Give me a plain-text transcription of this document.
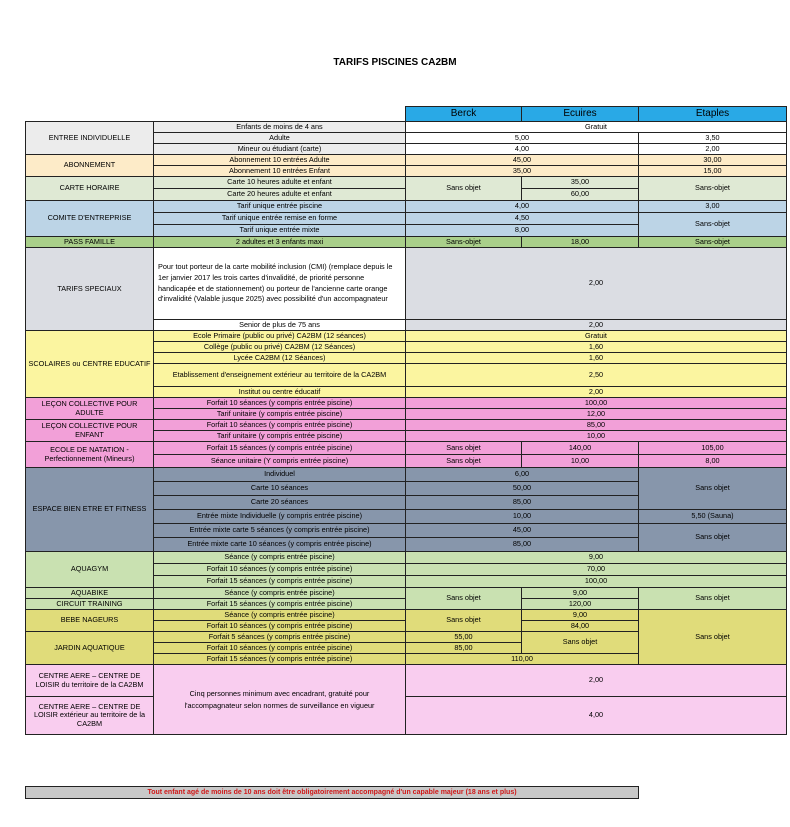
TARIFS PISCINES CA2BM
		Berck	Ecuires	Etaples
ENTREE INDIVIDUELLE	Enfants de moins de 4 ans	Gratuit		
	Adulte	5,00		3,50
	Mineur ou étudiant (carte)	4,00		2,00
ABONNEMENT	Abonnement 10 entrées Adulte	45,00		30,00
	Abonnement 10 entrées Enfant	35,00		15,00
CARTE HORAIRE	Carte 10 heures adulte et enfant	Sans objet	35,00	Sans-objet
	Carte 20 heures adulte et enfant		60,00	
COMITE D'ENTREPRISE	Tarif unique entrée piscine	4,00		3,00
	Tarif unique entrée remise en forme	4,50		Sans-objet
	Tarif unique entrée mixte	8,00		
PASS FAMILLE	2 adultes et 3 enfants maxi	Sans-objet	18,00	Sans-objet
TARIFS SPECIAUX	Pour tout porteur de la carte mobilité inclusion (CMI) (remplace depuis le 1er janvier 2017 les trois cartes d'invalidité, de priorité personne handicapée et de stationnement) ou porteur de l'ancienne carte orange d'invalidité (Valable jusque 2025) avec possibilité d'un accompagnateur	2,00		
	Senior de plus de 75 ans	2,00		
SCOLAIRES ou CENTRE EDUCATIF	Ecole Primaire (public ou privé) CA2BM (12 séances)	Gratuit		
	Collège (public ou privé) CA2BM (12 Séances)	1,60		
	Lycée CA2BM (12 Séances)	1,60		
	Etablissement d'enseignement extérieur au territoire de la CA2BM	2,50		
	Institut ou centre éducatif	2,00		
LEÇON COLLECTIVE POUR ADULTE	Forfait 10 séances (y compris entrée piscine)	100,00		
	Tarif unitaire (y compris entrée piscine)	12,00		
LEÇON COLLECTIVE POUR ENFANT	Forfait 10 séances (y compris entrée piscine)	85,00		
	Tarif unitaire (y compris entrée piscine)	10,00		
ECOLE DE NATATION - Perfectionnement (Mineurs)	Forfait 15 séances (y compris entrée piscine)	Sans objet	140,00	105,00
	Séance unitaire (Y compris entrée piscine)	Sans objet	10,00	8,00
ESPACE BIEN ETRE ET FITNESS	Individuel	6,00		Sans objet
	Carte 10 séances	50,00		
	Carte 20 séances	85,00		
	Entrée mixte Individuelle (y compris entrée piscine)	10,00		5,50 (Sauna)
	Entrée mixte carte 5 séances (y compris entrée piscine)	45,00		Sans objet
	Entrée mixte carte 10 séances (y compris entrée piscine)	85,00		
AQUAGYM	Séance (y compris entrée piscine)	9,00		
	Forfait 10 séances (y compris entrée piscine)	70,00		
	Forfait 15 séances (y compris entrée piscine)	100,00		
AQUABIKE	Séance (y compris entrée piscine)	Sans objet	9,00	Sans objet
CIRCUIT TRAINING	Forfait 15 séances (y compris entrée piscine)		120,00	
BEBE NAGEURS	Séance (y compris entrée piscine)	Sans objet	9,00	Sans objet
	Forfait 10 séances (y compris entrée piscine)		84,00	
JARDIN AQUATIQUE	Forfait 5 séances (y compris entrée piscine)	55,00	Sans objet	
	Forfait 10 séances (y compris entrée piscine)	85,00		
	Forfait 15 séances (y compris entrée piscine)	110,00		
CENTRE AERE – CENTRE DE LOISIR du territoire de la CA2BM	Cinq personnes minimum avec encadrant, gratuité pour l'accompagnateur selon normes de surveillance en vigueur	2,00		
CENTRE AERE – CENTRE DE LOISIR extérieur au territoire de la CA2BM		4,00		
Tout enfant agé de moins de 10 ans doit être obligatoirement accompagné d'un capable majeur (18 ans et plus)
